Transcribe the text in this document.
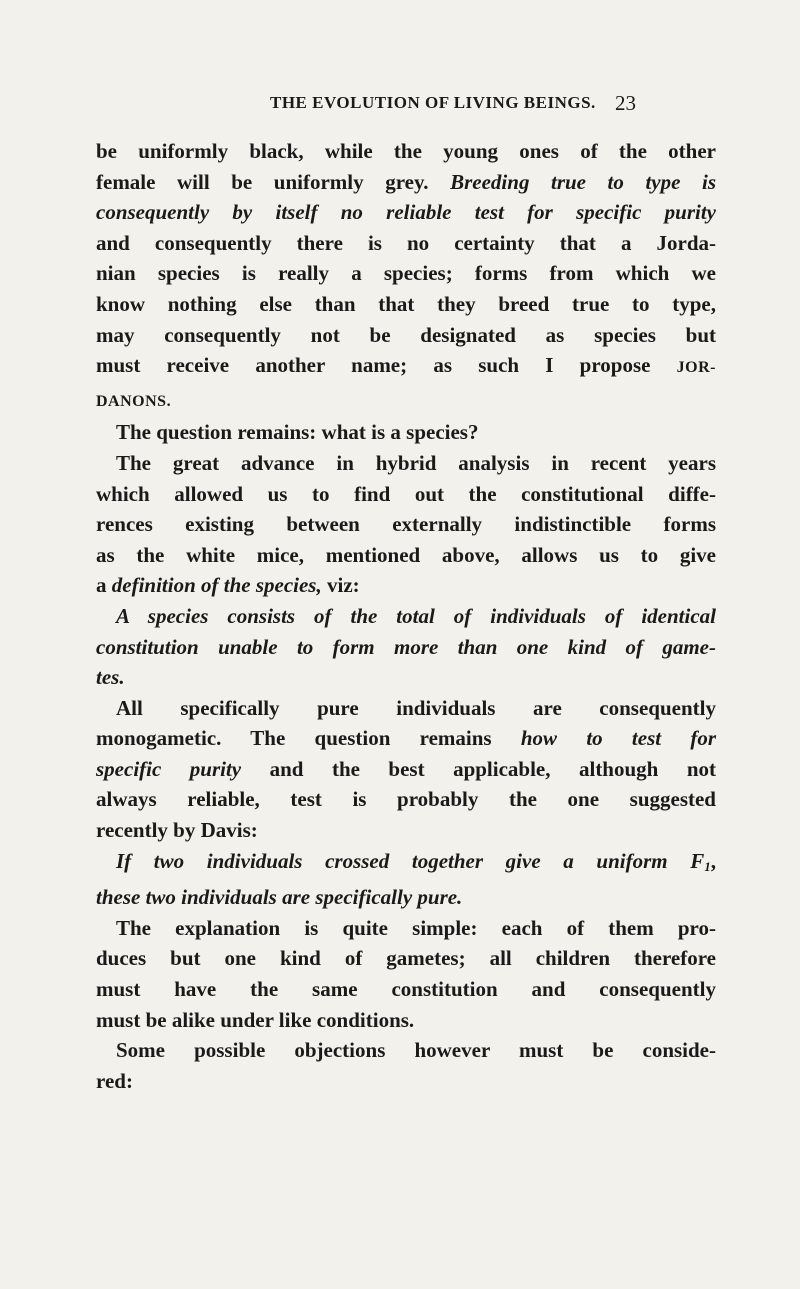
THE EVOLUTION OF LIVING BEINGS. 23
be uniformly black, while the young ones of the other
female will be uniformly grey. Breeding true to type is
consequently by itself no reliable test for specific purity
and consequently there is no certainty that a Jorda-
nian species is really a species; forms from which we
know nothing else than that they breed true to type,
may consequently not be designated as species but
must receive another name; as such I propose JOR-
DANONS.
The question remains: what is a species?
The great advance in hybrid analysis in recent years
which allowed us to find out the constitutional diffe-
rences existing between externally indistinctible forms
as the white mice, mentioned above, allows us to give
a definition of the species, viz:
A species consists of the total of individuals of identical
constitution unable to form more than one kind of game-
tes.
All specifically pure individuals are consequently
monogametic. The question remains how to test for
specific purity and the best applicable, although not
always reliable, test is probably the one suggested
recently by Davis:
If two individuals crossed together give a uniform $F_1$,
these two individuals are specifically pure.
The explanation is quite simple: each of them pro-
duces but one kind of gametes; all children therefore
must have the same constitution and consequently
must be alike under like conditions.
Some possible objections however must be conside-
red:
